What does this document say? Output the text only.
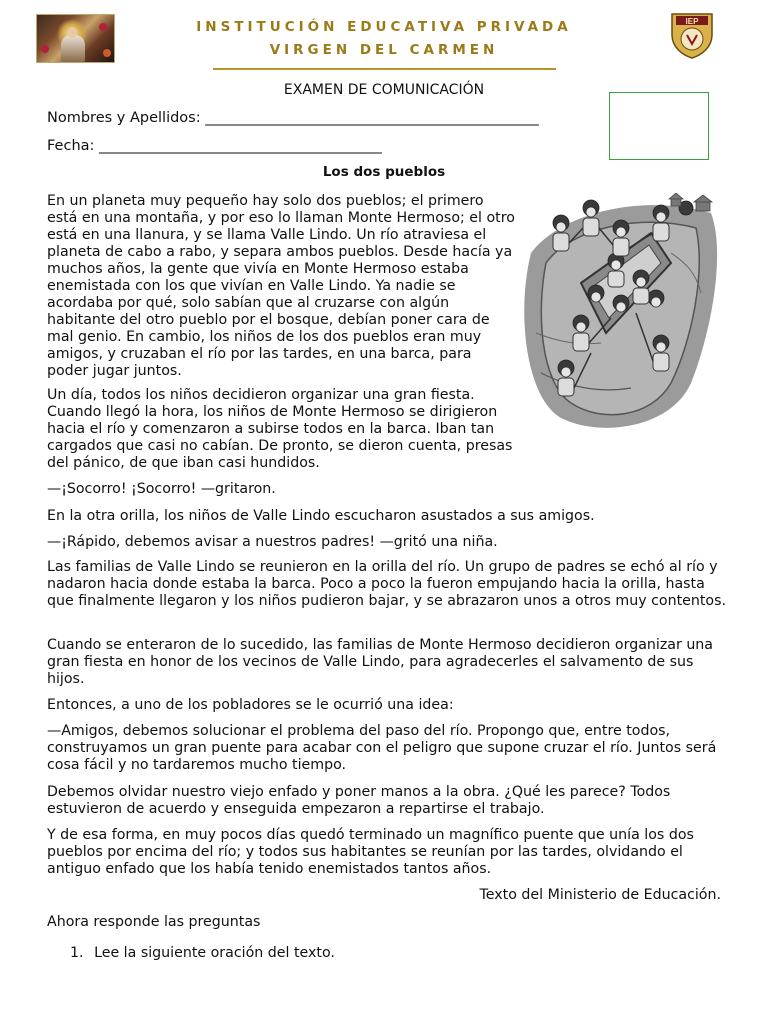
INSTITUCIÓN EDUCATIVA PRIVADA
VIRGEN DEL CARMEN
IEP
EXAMEN DE COMUNICACIÓN
Nombres y Apellidos: ______________________________________________
Fecha: _______________________________________
Los dos pueblos

En un planeta muy pequeño hay solo dos pueblos; el primero está en una montaña, y por eso lo llaman Monte Hermoso; el otro está en una llanura, y se llama Valle Lindo. Un río atraviesa el planeta de cabo a rabo, y separa ambos pueblos. Desde hacía ya muchos años, la gente que vivía en Monte Hermoso estaba enemistada con los que vivían en Valle Lindo. Ya nadie se acordaba por qué, solo sabían que al cruzarse con algún habitante del otro pueblo por el bosque, debían poner cara de mal genio. En cambio, los niños de los dos pueblos eran muy amigos, y cruzaban el río por las tardes, en una barca, para poder jugar juntos.

Un día, todos los niños decidieron organizar una gran fiesta. Cuando llegó la hora, los niños de Monte Hermoso se dirigieron hacia el río y comenzaron a subirse todos en la barca. Iban tan cargados que casi no cabían. De pronto, se dieron cuenta, presas del pánico, de que iban casi hundidos.

—¡Socorro! ¡Socorro! —gritaron.

En la otra orilla, los niños de Valle Lindo escucharon asustados a sus amigos.

—¡Rápido, debemos avisar a nuestros padres! —gritó una niña.

Las familias de Valle Lindo se reunieron en la orilla del río. Un grupo de padres se echó al río y nadaron hacia donde estaba la barca. Poco a poco la fueron empujando hacia la orilla, hasta que finalmente llegaron y los niños pudieron bajar, y se abrazaron unos a otros muy contentos.

Cuando se enteraron de lo sucedido, las familias de Monte Hermoso decidieron organizar una gran fiesta en honor de los vecinos de Valle Lindo, para agradecerles el salvamento de sus hijos.

Entonces, a uno de los pobladores se le ocurrió una idea:

—Amigos, debemos solucionar el problema del paso del río. Propongo que, entre todos, construyamos un gran puente para acabar con el peligro que supone cruzar el río. Juntos será cosa fácil y no tardaremos mucho tiempo.

Debemos olvidar nuestro viejo enfado y poner manos a la obra. ¿Qué les parece? Todos estuvieron de acuerdo y enseguida empezaron a repartirse el trabajo.

Y de esa forma, en muy pocos días quedó terminado un magnífico puente que unía los dos pueblos por encima del río; y todos sus habitantes se reunían por las tardes, olvidando el antiguo enfado que los había tenido enemistados tantos años.

Texto del Ministerio de Educación.

Ahora responde las preguntas

1. Lee la siguiente oración del texto.
